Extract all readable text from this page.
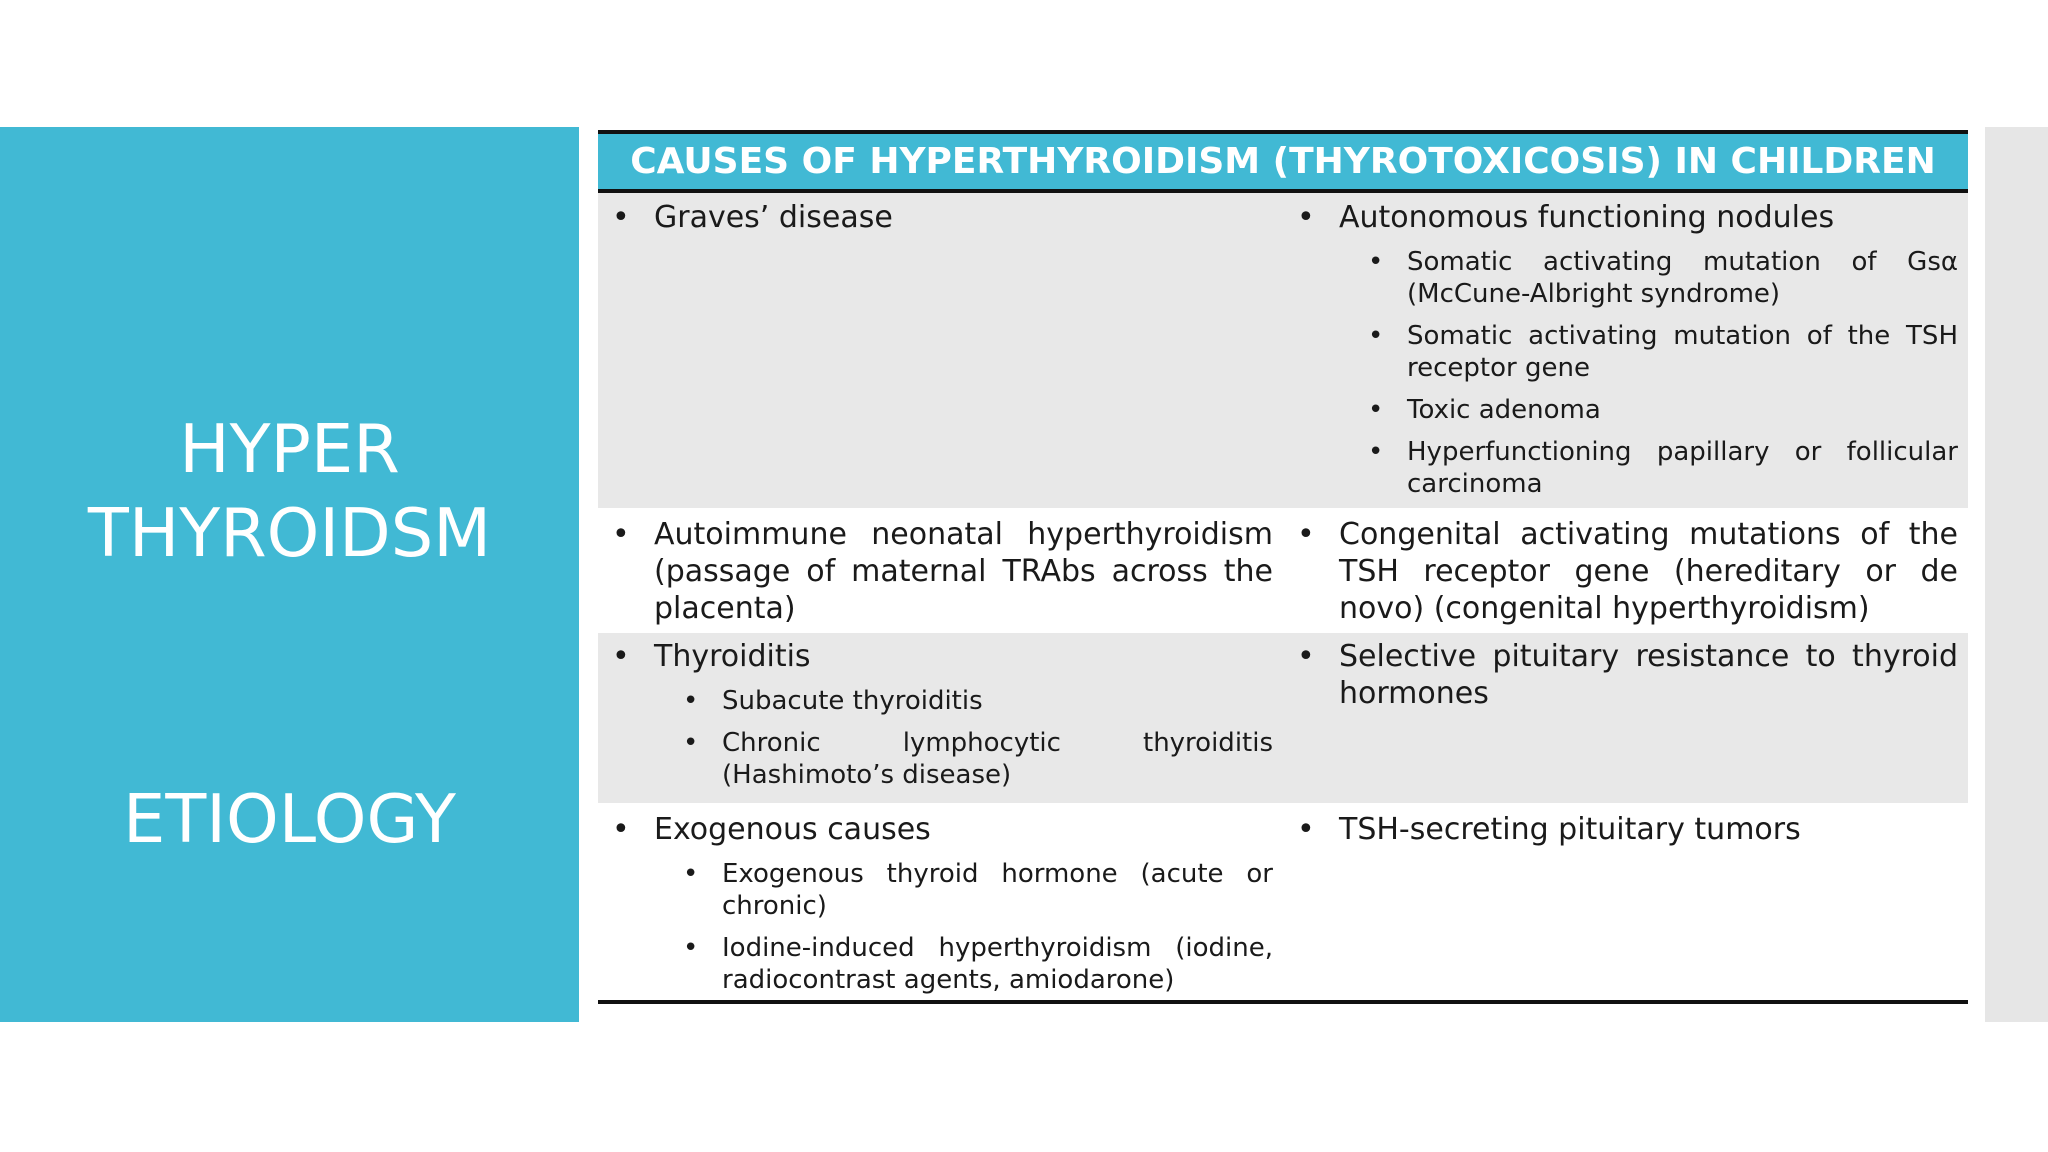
HYPER
THYROIDSM
ETIOLOGY
CAUSES OF HYPERTHYROIDISM (THYROTOXICOSIS) IN CHILDREN
• Graves’ disease	• Autonomous functioning nodules
• Somatic activating mutation of Gsα (McCune-Albright syndrome)
• Somatic activating mutation of the TSH receptor gene
• Toxic adenoma
• Hyperfunctioning papillary or follicular carcinoma
• Autoimmune neonatal hyperthyroidism (passage of maternal TRAbs across the placenta)
• Congenital activating mutations of the TSH receptor gene (hereditary or de novo) (congenital hyperthyroidism)
• Thyroiditis
• Subacute thyroiditis
• Chronic lymphocytic thyroiditis (Hashimoto’s disease)
• Selective pituitary resistance to thyroid hormones
• Exogenous causes
• Exogenous thyroid hormone (acute or chronic)
• Iodine-induced hyperthyroidism (iodine, radiocontrast agents, amiodarone)
• TSH-secreting pituitary tumors
